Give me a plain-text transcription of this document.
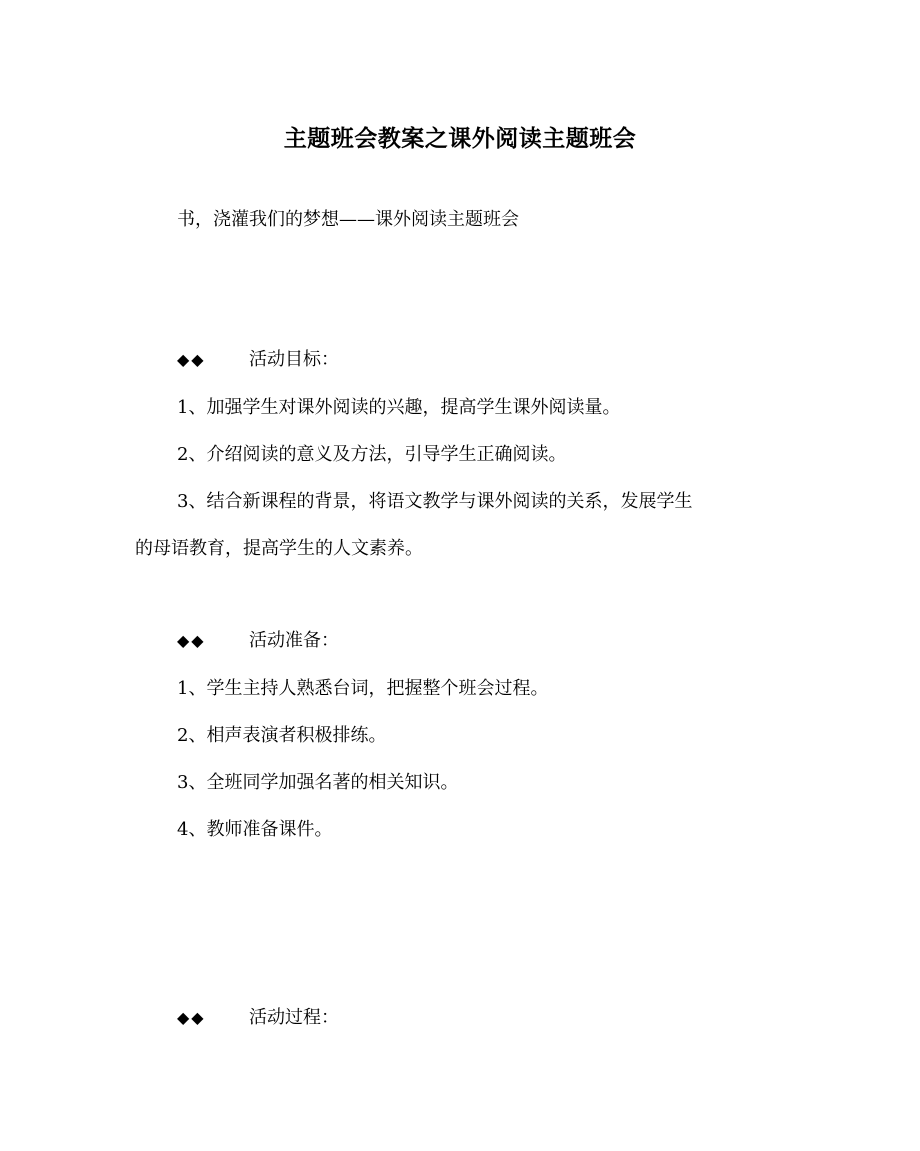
主题班会教案之课外阅读主题班会
书，浇灌我们的梦想——课外阅读主题班会
◆◆ 活动目标：
1、加强学生对课外阅读的兴趣，提高学生课外阅读量。
2、介绍阅读的意义及方法，引导学生正确阅读。
3、结合新课程的背景，将语文教学与课外阅读的关系，发展学生
的母语教育，提高学生的人文素养。
◆◆ 活动准备：
1、学生主持人熟悉台词，把握整个班会过程。
2、相声表演者积极排练。
3、全班同学加强名著的相关知识。
4、教师准备课件。
◆◆ 活动过程：
